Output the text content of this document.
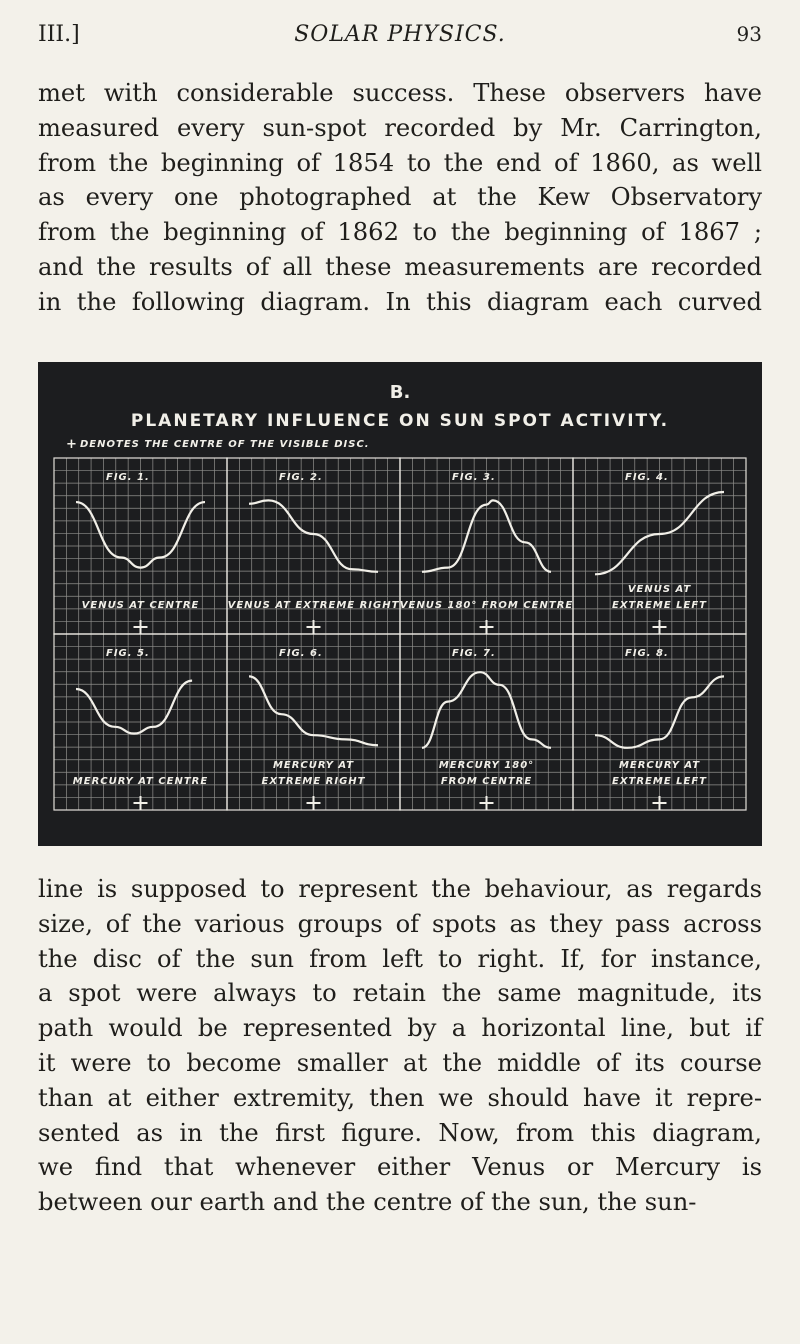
III.]	SOLAR PHYSICS.	93
met with considerable success. These observers have
measured every sun-spot recorded by Mr. Carrington,
from the beginning of 1854 to the end of 1860, as well
as every one photographed at the Kew Observatory
from the beginning of 1862 to the beginning of 1867 ;
and the results of all these measurements are recorded
in the following diagram. In this diagram each curved
B.
PLANETARY INFLUENCE ON SUN SPOT ACTIVITY.
+ DENOTES THE CENTRE OF THE VISIBLE DISC.
FIG. 1.
VENUS AT CENTRE
FIG. 2.
VENUS AT EXTREME RIGHT
FIG. 3.
VENUS 180° FROM CENTRE
FIG. 4.
VENUS AT
EXTREME LEFT
FIG. 5.
MERCURY AT CENTRE
FIG. 6.
MERCURY AT
EXTREME RIGHT
FIG. 7.
MERCURY 180°
FROM CENTRE
FIG. 8.
MERCURY AT
EXTREME LEFT
line is supposed to represent the behaviour, as regards
size, of the various groups of spots as they pass across
the disc of the sun from left to right. If, for instance,
a spot were always to retain the same magnitude, its
path would be represented by a horizontal line, but if
it were to become smaller at the middle of its course
than at either extremity, then we should have it repre-
sented as in the first figure. Now, from this diagram,
we find that whenever either Venus or Mercury is
between our earth and the centre of the sun, the sun-
